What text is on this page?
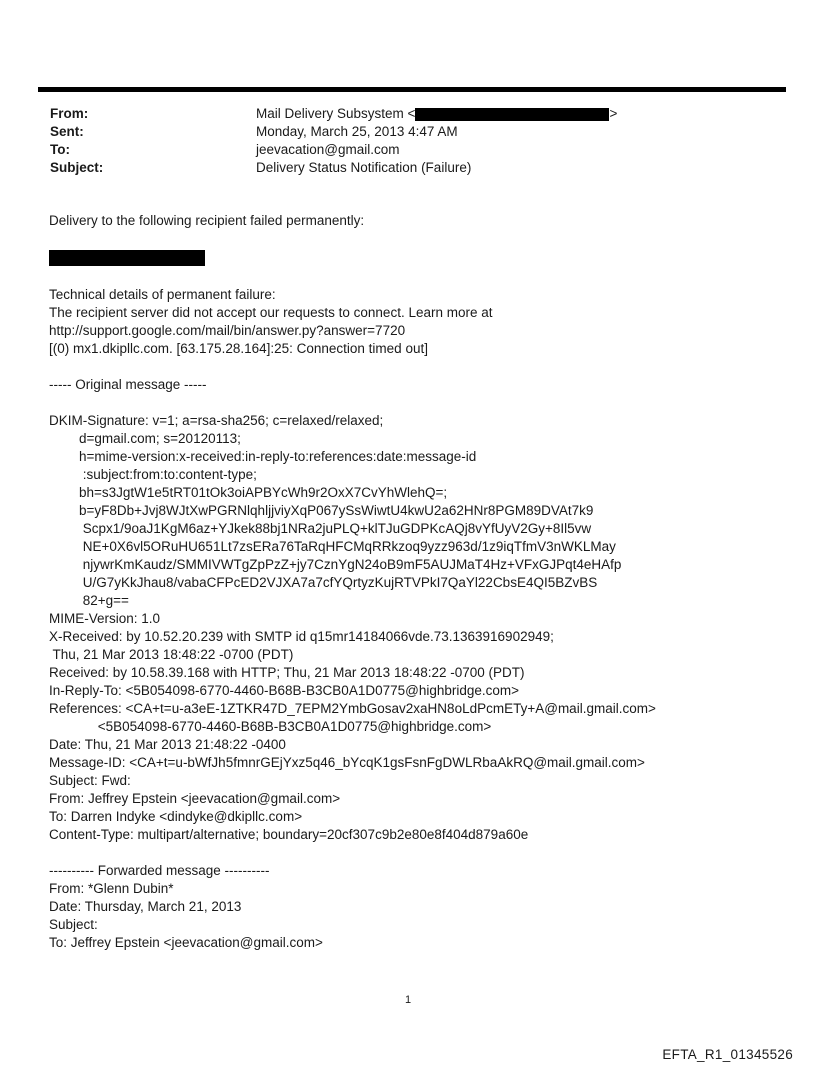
From:	Mail Delivery Subsystem <	>
Sent:	Monday, March 25, 2013 4:47 AM
To:	jeevacation@gmail.com
Subject:	Delivery Status Notification (Failure)
Delivery to the following recipient failed permanently:
Technical details of permanent failure:
The recipient server did not accept our requests to connect. Learn more at
http://support.google.com/mail/bin/answer.py?answer=7720
[(0) mx1.dkipllc.com. [63.175.28.164]:25: Connection timed out]
----- Original message -----
DKIM-Signature: v=1; a=rsa-sha256; c=relaxed/relaxed;
d=gmail.com; s=20120113;
h=mime-version:x-received:in-reply-to:references:date:message-id
:subject:from:to:content-type;
bh=s3JgtW1e5tRT01tOk3oiAPBYcWh9r2OxX7CvYhWlehQ=;
b=yF8Db+Jvj8WJtXwPGRNlqhljjviyXqP067ySsWiwtU4kwU2a62HNr8PGM89DVAt7k9
Scpx1/9oaJ1KgM6az+YJkek88bj1NRa2juPLQ+klTJuGDPKcAQj8vYfUyV2Gy+8Il5vw
NE+0X6vl5ORuHU651Lt7zsERa76TaRqHFCMqRRkzoq9yzz963d/1z9iqTfmV3nWKLMay
njywrKmKaudz/SMMIVWTgZpPzZ+jy7CznYgN24oB9mF5AUJMaT4Hz+VFxGJPqt4eHAfp
U/G7yKkJhau8/vabaCFPcED2VJXA7a7cfYQrtyzKujRTVPkI7QaYl22CbsE4QI5BZvBS
82+g==
MIME-Version: 1.0
X-Received: by 10.52.20.239 with SMTP id q15mr14184066vde.73.1363916902949;
Thu, 21 Mar 2013 18:48:22 -0700 (PDT)
Received: by 10.58.39.168 with HTTP; Thu, 21 Mar 2013 18:48:22 -0700 (PDT)
In-Reply-To: <5B054098-6770-4460-B68B-B3CB0A1D0775@highbridge.com>
References: <CA+t=u-a3eE-1ZTKR47D_7EPM2YmbGosav2xaHN8oLdPcmETy+A@mail.gmail.com>
<5B054098-6770-4460-B68B-B3CB0A1D0775@highbridge.com>
Date: Thu, 21 Mar 2013 21:48:22 -0400
Message-ID: <CA+t=u-bWfJh5fmnrGEjYxz5q46_bYcqK1gsFsnFgDWLRbaAkRQ@mail.gmail.com>
Subject: Fwd:
From: Jeffrey Epstein <jeevacation@gmail.com>
To: Darren Indyke <dindyke@dkipllc.com>
Content-Type: multipart/alternative; boundary=20cf307c9b2e80e8f404d879a60e
---------- Forwarded message ----------
From: *Glenn Dubin*
Date: Thursday, March 21, 2013
Subject:
To: Jeffrey Epstein <jeevacation@gmail.com>
1
EFTA_R1_01345526
